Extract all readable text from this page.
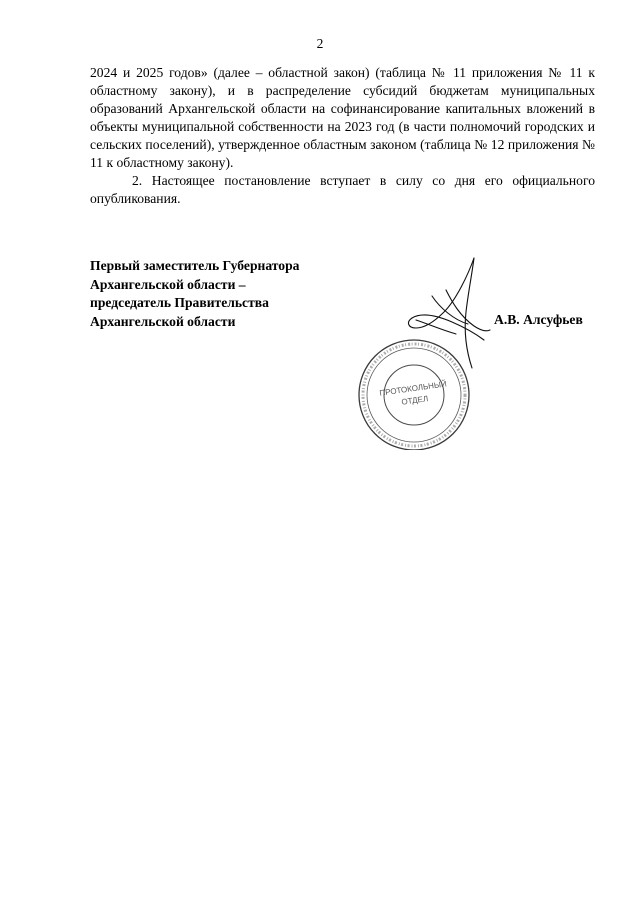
2

2024 и 2025 годов» (далее – областной закон) (таблица № 11 приложения № 11 к областному закону), и в распределение субсидий бюджетам муниципальных образований Архангельской области на софинансирование капитальных вложений в объекты муниципальной собственности на 2023 год (в части полномочий городских и сельских поселений), утвержденное областным законом (таблица № 12 приложения № 11 к областному закону).

2. Настоящее постановление вступает в силу со дня его официального опубликования.

Первый заместитель Губернатора
Архангельской области –
председатель Правительства
Архангельской области
ПРОТОКОЛЬНЫЙ
ОТДЕЛ
А.В. Алсуфьев
